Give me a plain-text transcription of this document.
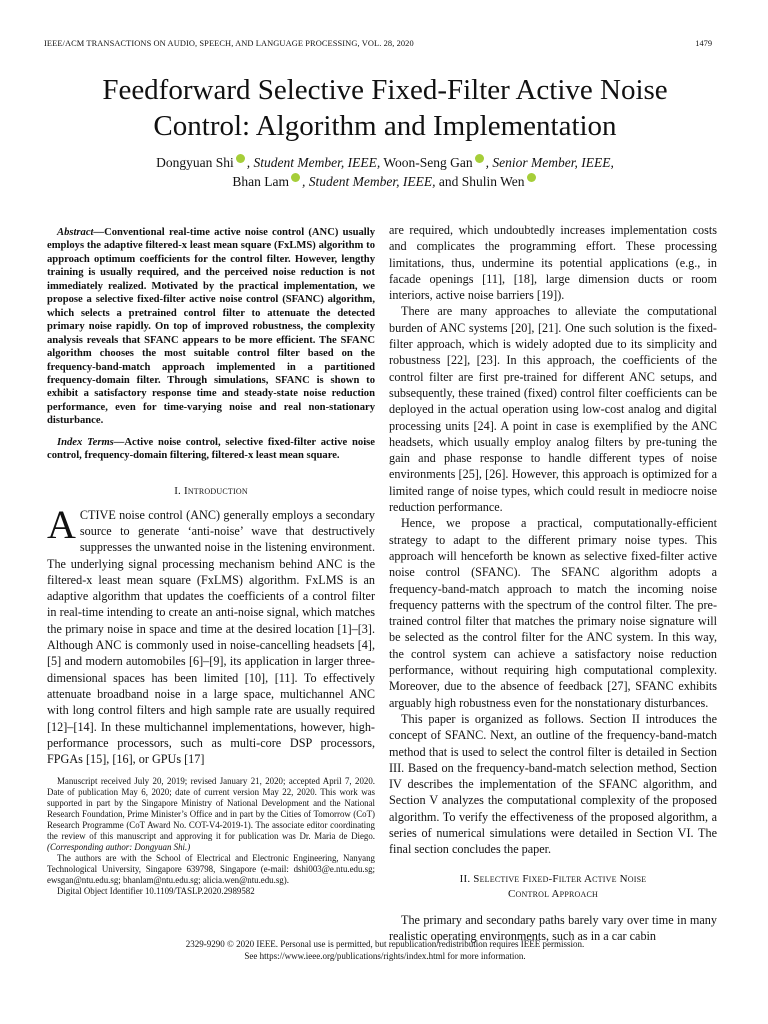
IEEE/ACM TRANSACTIONS ON AUDIO, SPEECH, AND LANGUAGE PROCESSING, VOL. 28, 2020	1479
Feedforward Selective Fixed-Filter Active Noise
Control: Algorithm and Implementation
Dongyuan Shi , Student Member, IEEE, Woon-Seng Gan , Senior Member, IEEE,
Bhan Lam , Student Member, IEEE, and Shulin Wen

Abstract—Conventional real-time active noise control (ANC) usually employs the adaptive filtered-x least mean square (FxLMS) algorithm to approach optimum coefficients for the control filter. However, lengthy training is usually required, and the perceived noise reduction is not immediately realized. Motivated by the practical implementation, we propose a selective fixed-filter active noise control (SFANC) algorithm, which selects a pretrained control filter to attenuate the detected primary noise rapidly. On top of improved robustness, the complexity analysis reveals that SFANC appears to be more efficient. The SFANC algorithm chooses the most suitable control filter based on the frequency-band-match approach implemented in a partitioned frequency-domain filter. Through simulations, SFANC is shown to exhibit a satisfactory response time and steady-state noise reduction performance, even for time-varying noise and real non-stationary disturbance.

Index Terms—Active noise control, selective fixed-filter active noise control, frequency-domain filtering, filtered-x least mean square.

I. Introduction

ACTIVE noise control (ANC) generally employs a secondary source to generate ‘anti-noise’ wave that destructively suppresses the unwanted noise in the listening environment. The underlying signal processing mechanism behind ANC is the filtered-x least mean square (FxLMS) algorithm. FxLMS is an adaptive algorithm that updates the coefficients of a control filter in real-time intending to create an anti-noise signal, which matches the primary noise in space and time at the desired location [1]–[3]. Although ANC is commonly used in noise-cancelling headsets [4], [5] and modern automobiles [6]–[9], its application in larger three-dimensional spaces has been limited [10], [11]. To effectively attenuate broadband noise in a large space, multichannel ANC with long control filters and high sample rate are usually required [12]–[14]. In these multichannel implementations, however, high-performance processors, such as multi-core DSP processors, FPGAs [15], [16], or GPUs [17]

Manuscript received July 20, 2019; revised January 21, 2020; accepted April 7, 2020. Date of publication May 6, 2020; date of current version May 22, 2020. This work was supported in part by the Singapore Ministry of National Development and the National Research Foundation, Prime Minister’s Office and in part by the Cities of Tomorrow (CoT) Research Programme (CoT Award No. COT-V4-2019-1). The associate editor coordinating the review of this manuscript and approving it for publication was Dr. Maria de Diego. (Corresponding author: Dongyuan Shi.)

The authors are with the School of Electrical and Electronic Engineering, Nanyang Technological University, Singapore 639798, Singapore (e-mail: dshi003@e.ntu.edu.sg; ewsgan@ntu.edu.sg; bhanlam@ntu.edu.sg; alicia.wen@ntu.edu.sg).

Digital Object Identifier 10.1109/TASLP.2020.2989582

are required, which undoubtedly increases implementation costs and complicates the programming effort. These processing limitations, thus, undermine its potential applications (e.g., in facade openings [11], [18], large dimension ducts or room interiors, active noise barriers [19]).

There are many approaches to alleviate the computational burden of ANC systems [20], [21]. One such solution is the fixed-filter approach, which is widely adopted due to its simplicity and robustness [22], [23]. In this approach, the coefficients of the control filter are first pre-trained for different ANC setups, and subsequently, these trained (fixed) control filter coefficients can be deployed in the actual operation using low-cost analog and digital processing units [24]. A point in case is exemplified by the ANC headsets, which usually employ analog filters by pre-tuning the gain and phase response to handle different types of noise environments [25], [26]. However, this approach is optimized for a limited range of noise types, which could result in mediocre noise reduction performance.

Hence, we propose a practical, computationally-efficient strategy to adapt to the different primary noise types. This approach will henceforth be known as selective fixed-filter active noise control (SFANC). The SFANC algorithm adopts a frequency-band-match approach to match the incoming noise frequency patterns with the spectrum of the control filter. The pre-trained control filter that matches the primary noise signature will be selected as the control filter for the ANC system. In this way, the control system can achieve a satisfactory noise reduction performance, without requiring high computational complexity. Moreover, due to the absence of feedback [27], SFANC exhibits arguably high robustness even for the nonstationary disturbances.

This paper is organized as follows. Section II introduces the concept of SFANC. Next, an outline of the frequency-band-match method that is used to select the control filter is detailed in Section III. Based on the frequency-band-match selection method, Section IV describes the implementation of the SFANC algorithm, and Section V analyzes the computational complexity of the proposed algorithm. To verify the effectiveness of the proposed algorithm, a series of numerical simulations were detailed in Section VI. The final section concludes the paper.

II. Selective Fixed-Filter Active Noise
Control Approach

The primary and secondary paths barely vary over time in many realistic operating environments, such as in a car cabin

2329-9290 © 2020 IEEE. Personal use is permitted, but republication/redistribution requires IEEE permission.
See https://www.ieee.org/publications/rights/index.html for more information.
